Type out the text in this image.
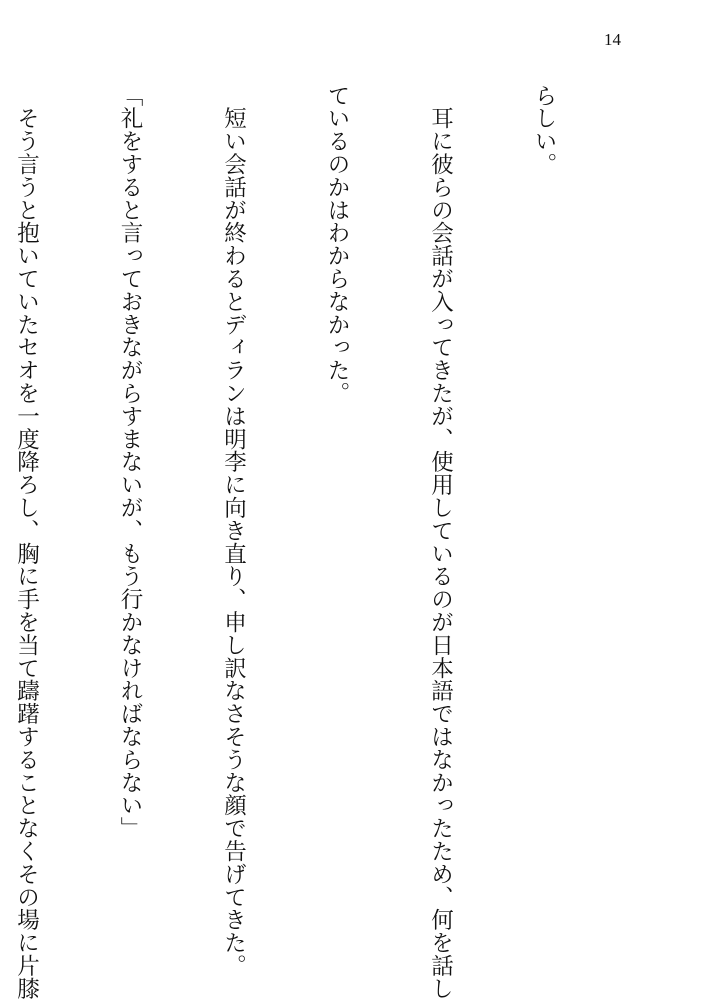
14

らしい。

　耳に彼らの会話が入ってきたが、使用しているのが日本語ではなかったため、何を話し

ているのかはわからなかった。

　短い会話が終わるとディランは明李に向き直り、申し訳なさそうな顔で告げてきた。

「礼をすると言っておきながらすまないが、もう行かなければならない」

　そう言うと抱いていたセオを一度降ろし、胸に手を当て躊躇することなくその場に片膝
